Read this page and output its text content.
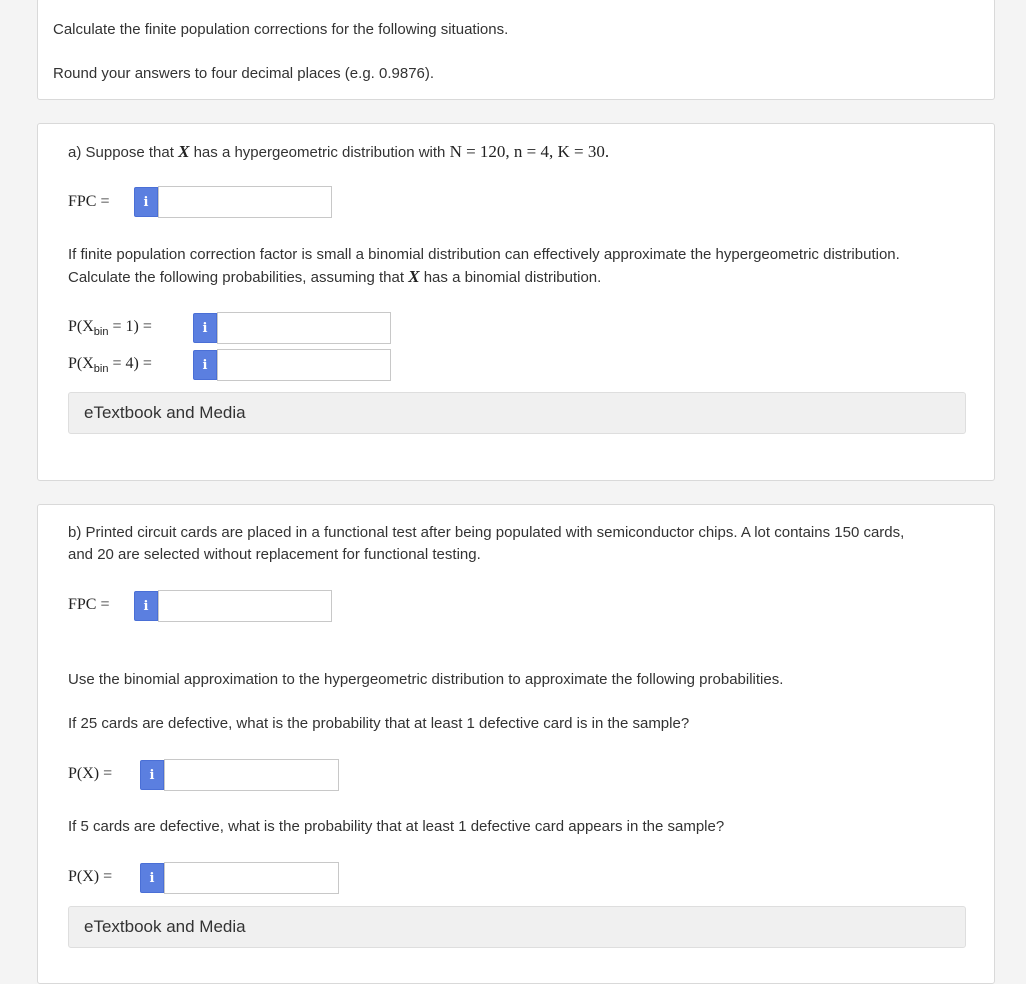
Calculate the finite population corrections for the following situations.
Round your answers to four decimal places (e.g. 0.9876).
a) Suppose that X has a hypergeometric distribution with N = 120, n = 4, K = 30.
FPC =	i
If finite population correction factor is small a binomial distribution can effectively approximate the hypergeometric distribution.
Calculate the following probabilities, assuming that X has a binomial distribution.
$P(X_{bin} = 1)$ =	i
$P(X_{bin} = 4)$ =	i
eTextbook and Media
b) Printed circuit cards are placed in a functional test after being populated with semiconductor chips. A lot contains 150 cards,
and 20 are selected without replacement for functional testing.
FPC =	i
Use the binomial approximation to the hypergeometric distribution to approximate the following probabilities.
If 25 cards are defective, what is the probability that at least 1 defective card is in the sample?
P(X) =	i
If 5 cards are defective, what is the probability that at least 1 defective card appears in the sample?
P(X) =	i
eTextbook and Media
